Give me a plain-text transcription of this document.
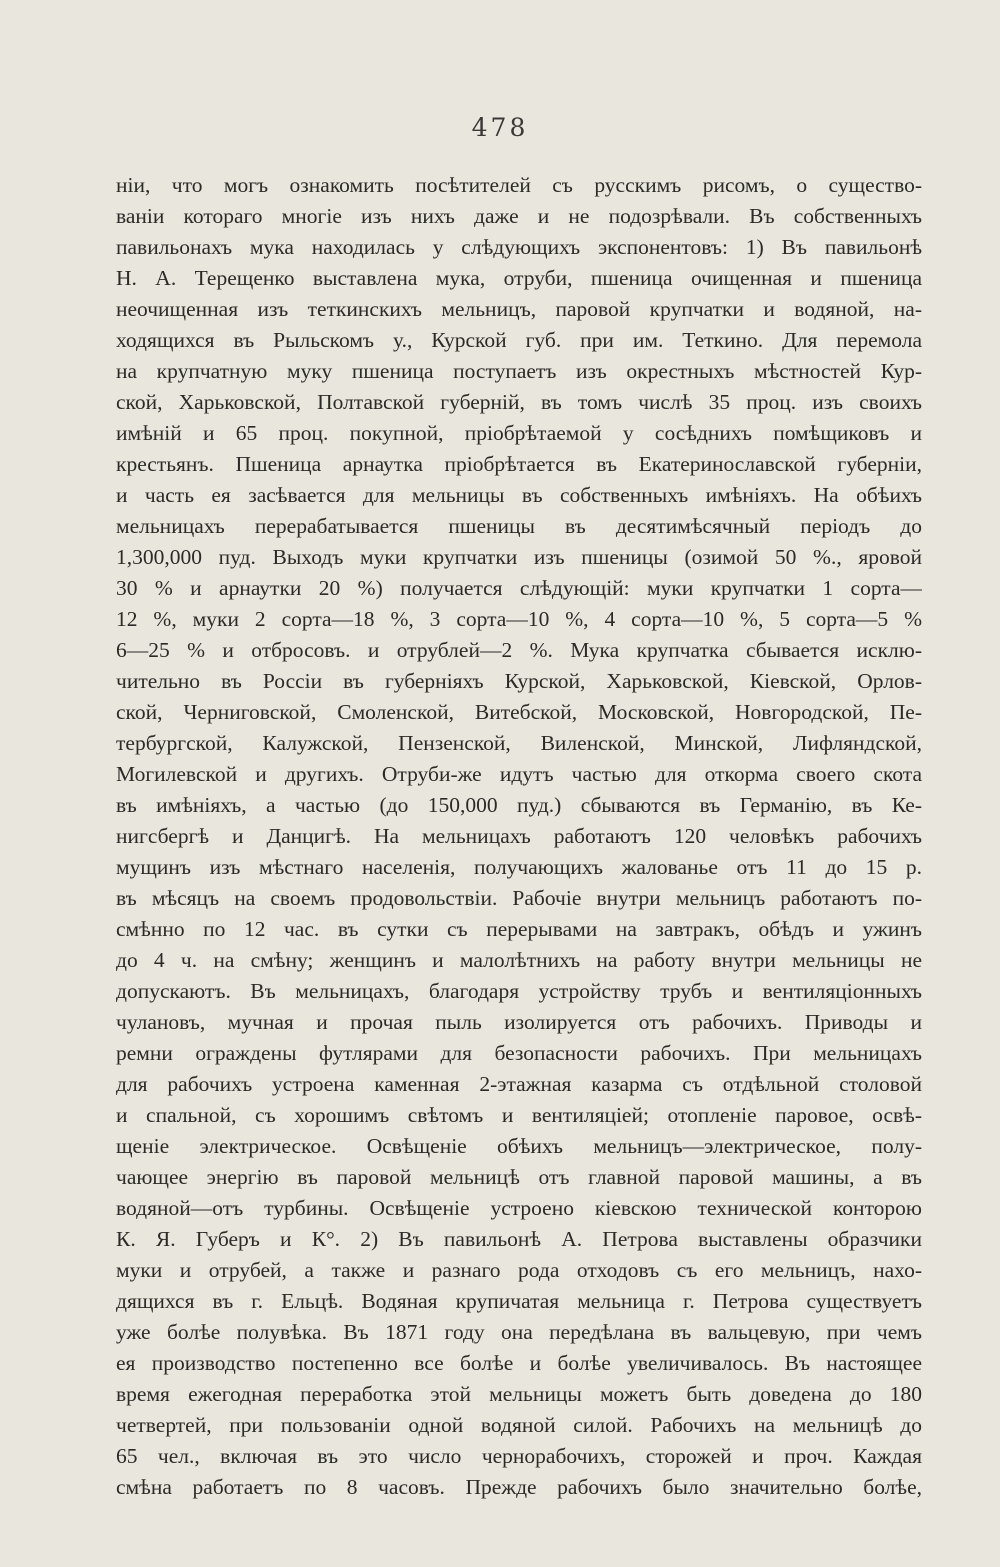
478
ніи, что могъ ознакомить посѣтителей съ русскимъ рисомъ, о существо-
ваніи котораго многіе изъ нихъ даже и не подозрѣвали. Въ собственныхъ
павильонахъ мука находилась у слѣдующихъ экспонентовъ: 1) Въ павильонѣ
Н. А. Терещенко выставлена мука, отруби, пшеница очищенная и пшеница
неочищенная изъ теткинскихъ мельницъ, паровой крупчатки и водяной, на-
ходящихся въ Рыльскомъ у., Курской губ. при им. Теткино. Для перемола
на крупчатную муку пшеница поступаетъ изъ окрестныхъ мѣстностей Кур-
ской, Харьковской, Полтавской губерній, въ томъ числѣ 35 проц. изъ своихъ
имѣній и 65 проц. покупной, пріобрѣтаемой у сосѣднихъ помѣщиковъ и
крестьянъ. Пшеница арнаутка пріобрѣтается въ Екатеринославской губерніи,
и часть ея засѣвается для мельницы въ собственныхъ имѣніяхъ. На обѣихъ
мельницахъ перерабатывается пшеницы въ десятимѣсячный періодъ до
1,300,000 пуд. Выходъ муки крупчатки изъ пшеницы (озимой 50 %., яровой
30 % и арнаутки 20 %) получается слѣдующій: муки крупчатки 1 сорта—
12 %, муки 2 сорта—18 %, 3 сорта—10 %, 4 сорта—10 %, 5 сорта—5 %
6—25 % и отбросовъ. и отрублей—2 %. Мука крупчатка сбывается исклю-
чительно въ Россіи въ губерніяхъ Курской, Харьковской, Кіевской, Орлов-
ской, Черниговской, Смоленской, Витебской, Московской, Новгородской, Пе-
тербургской, Калужской, Пензенской, Виленской, Минской, Лифляндской,
Могилевской и другихъ. Отруби-же идутъ частью для откорма своего скота
въ имѣніяхъ, а частью (до 150,000 пуд.) сбываются въ Германію, въ Ке-
нигсбергѣ и Данцигѣ. На мельницахъ работаютъ 120 человѣкъ рабочихъ
мущинъ изъ мѣстнаго населенія, получающихъ жалованье отъ 11 до 15 р.
въ мѣсяцъ на своемъ продовольствіи. Рабочіе внутри мельницъ работаютъ по-
смѣнно по 12 час. въ сутки съ перерывами на завтракъ, обѣдъ и ужинъ
до 4 ч. на смѣну; женщинъ и малолѣтнихъ на работу внутри мельницы не
допускаютъ. Въ мельницахъ, благодаря устройству трубъ и вентиляціонныхъ
чулановъ, мучная и прочая пыль изолируется отъ рабочихъ. Приводы и
ремни ограждены футлярами для безопасности рабочихъ. При мельницахъ
для рабочихъ устроена каменная 2-этажная казарма съ отдѣльной столовой
и спальной, съ хорошимъ свѣтомъ и вентиляціей; отопленіе паровое, освѣ-
щеніе электрическое. Освѣщеніе обѣихъ мельницъ—электрическое, полу-
чающее энергію въ паровой мельницѣ отъ главной паровой машины, а въ
водяной—отъ турбины. Освѣщеніе устроено кіевскою технической конторою
К. Я. Губеръ и К°. 2) Въ павильонѣ А. Петрова выставлены образчики
муки и отрубей, а также и разнаго рода отходовъ съ его мельницъ, нахо-
дящихся въ г. Ельцѣ. Водяная крупичатая мельница г. Петрова существуетъ
уже болѣе полувѣка. Въ 1871 году она передѣлана въ вальцевую, при чемъ
ея производство постепенно все болѣе и болѣе увеличивалось. Въ настоящее
время ежегодная переработка этой мельницы можетъ быть доведена до 180
четвертей, при пользованіи одной водяной силой. Рабочихъ на мельницѣ до
65 чел., включая въ это число чернорабочихъ, сторожей и проч. Каждая
смѣна работаетъ по 8 часовъ. Прежде рабочихъ было значительно болѣе,
